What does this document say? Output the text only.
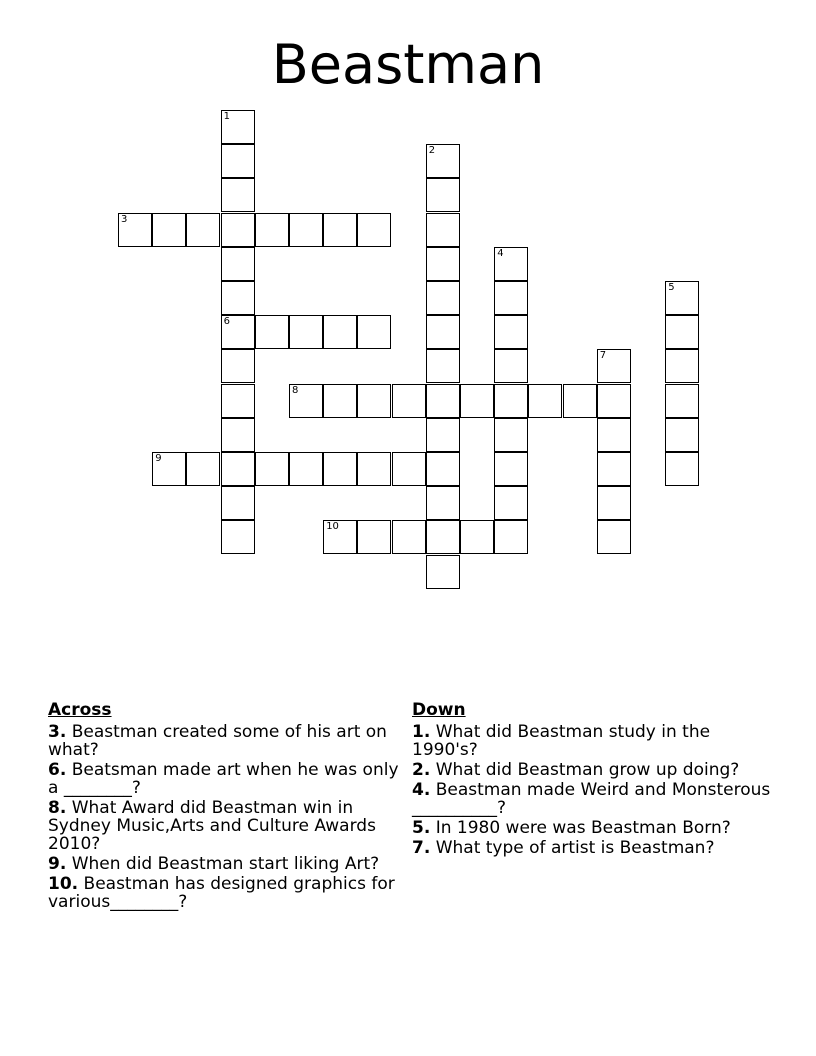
Beastman
1
6
2
3
4
5
7
8
9
10
Across
3. Beastman created some of his art on what?
6. Beatsman made art when he was only a ________?
8. What Award did Beastman win in Sydney Music,Arts and Culture Awards 2010?
9. When did Beastman start liking Art?
10. Beastman has designed graphics for various________?
Down
1. What did Beastman study in the 1990's?
2. What did Beastman grow up doing?
4. Beastman made Weird and Monsterous __________?
5. In 1980 were was Beastman Born?
7. What type of artist is Beastman?
